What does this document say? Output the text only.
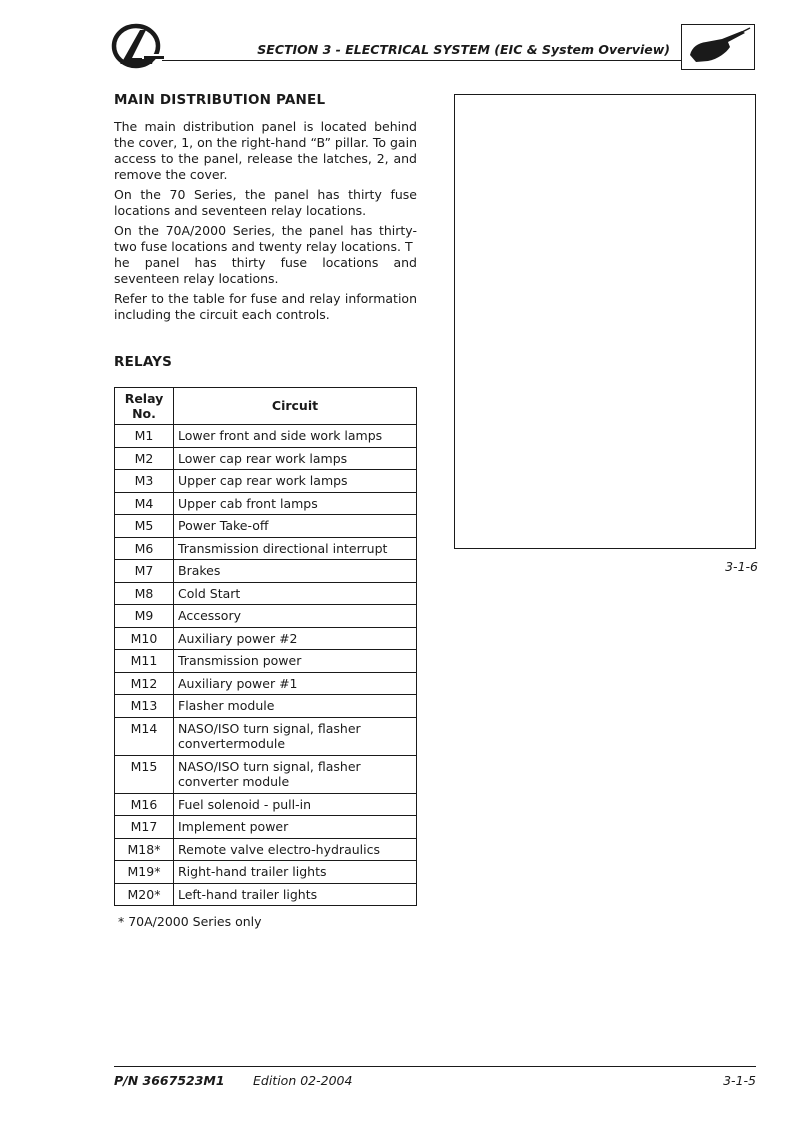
SECTION 3 - ELECTRICAL SYSTEM (EIC & System Overview)
MAIN DISTRIBUTION PANEL

The main distribution panel is located behind the cover, 1, on the right-hand “B” pillar. To gain access to the panel, release the latches, 2, and remove the cover.

On the 70 Series, the panel has thirty fuse locations and seventeen relay locations.

On the 70A/2000 Series, the panel has thirty-two fuse locations and twenty relay locations. T

he panel has thirty fuse locations and seventeen relay locations.

Refer to the table for fuse and relay information including the circuit each controls.

3-1-6
RELAYS
Relay
No.	Circuit
M1	Lower front and side work lamps
M2	Lower cap rear work lamps
M3	Upper cap rear work lamps
M4	Upper cab front lamps
M5	Power Take-off
M6	Transmission directional interrupt
M7	Brakes
M8	Cold Start
M9	Accessory
M10	Auxiliary power #2
M11	Transmission power
M12	Auxiliary power #1
M13	Flasher module
M14	NASO/ISO turn signal, flasher convertermodule
M15	NASO/ISO turn signal, flasher converter module
M16	Fuel solenoid - pull-in
M17	Implement power
M18*	Remote valve electro-hydraulics
M19*	Right-hand trailer lights
M20*	Left-hand trailer lights
* 70A/2000 Series only
P/N 3667523M1 Edition 02-2004	3-1-5
